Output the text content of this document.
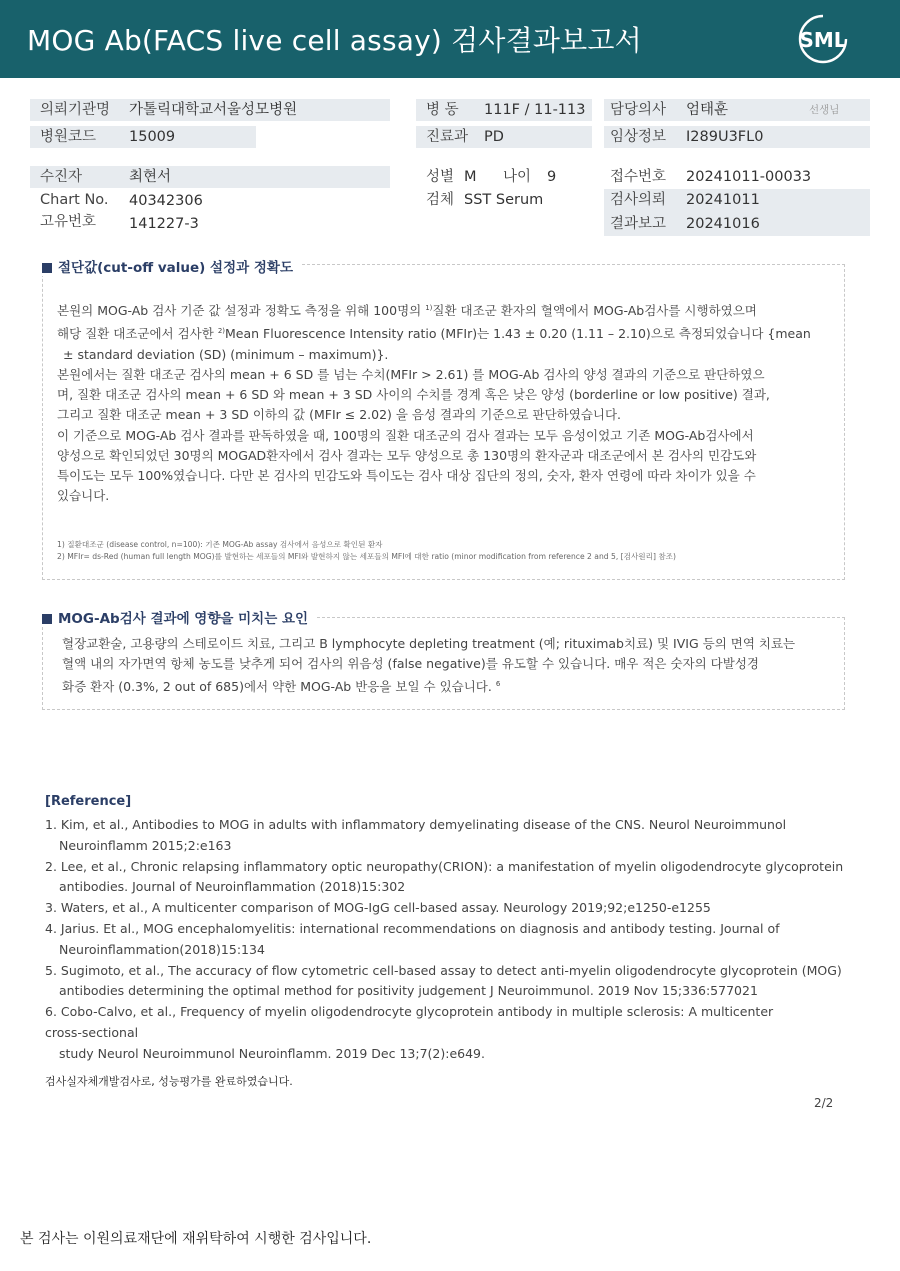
MOG Ab(FACS live cell assay) 검사결과보고서	SML
의뢰기관명 가톨릭대학교서울성모병원	병 동 111F / 11-113 담당의사 엄태훈	선생님
병원코드 15009	진료과 PD	임상정보 I289U3FL0
수진자	최현서	성별 M 나이 9	접수번호 20241011-00033
Chart No. 40342306	검체 SST Serum	검사의뢰 20241011
고유번호 141227-3	결과보고 20241016
절단값(cut-off value) 설정과 정확도

본원의 MOG-Ab 검사 기준 값 설정과 정확도 측정을 위해 100명의 $^{1)}$질환 대조군 환자의 혈액에서 MOG-Ab검사를 시행하였으며

해당 질환 대조군에서 검사한 $^{2)}$Mean Fluorescence Intensity ratio (MFIr)는 1.43 ± 0.20 (1.11 – 2.10)으로 측정되었습니다 {mean

± standard deviation (SD) (minimum – maximum)}.

본원에서는 질환 대조군 검사의 mean + 6 SD 를 넘는 수치(MFIr > 2.61) 를 MOG-Ab 검사의 양성 결과의 기준으로 판단하였으

며, 질환 대조군 검사의 mean + 6 SD 와 mean + 3 SD 사이의 수치를 경계 혹은 낮은 양성 (borderline or low positive) 결과,

그리고 질환 대조군 mean + 3 SD 이하의 값 (MFIr ≤ 2.02) 을 음성 결과의 기준으로 판단하였습니다.

이 기준으로 MOG-Ab 검사 결과를 판독하였을 때, 100명의 질환 대조군의 검사 결과는 모두 음성이었고 기존 MOG-Ab검사에서

양성으로 확인되었던 30명의 MOGAD환자에서 검사 결과는 모두 양성으로 총 130명의 환자군과 대조군에서 본 검사의 민감도와

특이도는 모두 100%였습니다. 다만 본 검사의 민감도와 특이도는 검사 대상 집단의 정의, 숫자, 환자 연령에 따라 차이가 있을 수

있습니다.

1) 질환대조군 (disease control, n=100): 기존 MOG-Ab assay 검사에서 음성으로 확인된 환자
2) MFIr= ds-Red (human full length MOG)를 발현하는 세포들의 MFI와 발현하지 않는 세포들의 MFI에 대한 ratio (minor modification from reference 2 and 5, [검사원리] 참조)
MOG-Ab검사 결과에 영향을 미치는 요인

혈장교환술, 고용량의 스테로이드 치료, 그리고 B lymphocyte depleting treatment (예; rituximab치료) 및 IVIG 등의 면역 치료는

혈액 내의 자가면역 항체 농도를 낮추게 되어 검사의 위음성 (false negative)를 유도할 수 있습니다. 매우 적은 숫자의 다발성경

화증 환자 (0.3%, 2 out of 685)에서 약한 MOG-Ab 반응을 보일 수 있습니다. $^6$

[Reference]
1. Kim, et al., Antibodies to MOG in adults with inflammatory demyelinating disease of the CNS. Neurol Neuroimmunol
Neuroinflamm 2015;2:e163
2. Lee, et al., Chronic relapsing inflammatory optic neuropathy(CRION): a manifestation of myelin oligodendrocyte glycoprotein
antibodies. Journal of Neuroinflammation (2018)15:302
3. Waters, et al., A multicenter comparison of MOG-IgG cell-based assay. Neurology 2019;92;e1250-e1255
4. Jarius. Et al., MOG encephalomyelitis: international recommendations on diagnosis and antibody testing. Journal of
Neuroinflammation(2018)15:134
5. Sugimoto, et al., The accuracy of flow cytometric cell-based assay to detect anti-myelin oligodendrocyte glycoprotein (MOG)
antibodies determining the optimal method for positivity judgement J Neuroimmunol. 2019 Nov 15;336:577021
6. Cobo-Calvo, et al., Frequency of myelin oligodendrocyte glycoprotein antibody in multiple sclerosis: A multicenter
cross-sectional
study Neurol Neuroimmunol Neuroinflamm. 2019 Dec 13;7(2):e649.
검사실자체개발검사로, 성능평가를 완료하였습니다.
2/2
본 검사는 이원의료재단에 재위탁하여 시행한 검사입니다.
